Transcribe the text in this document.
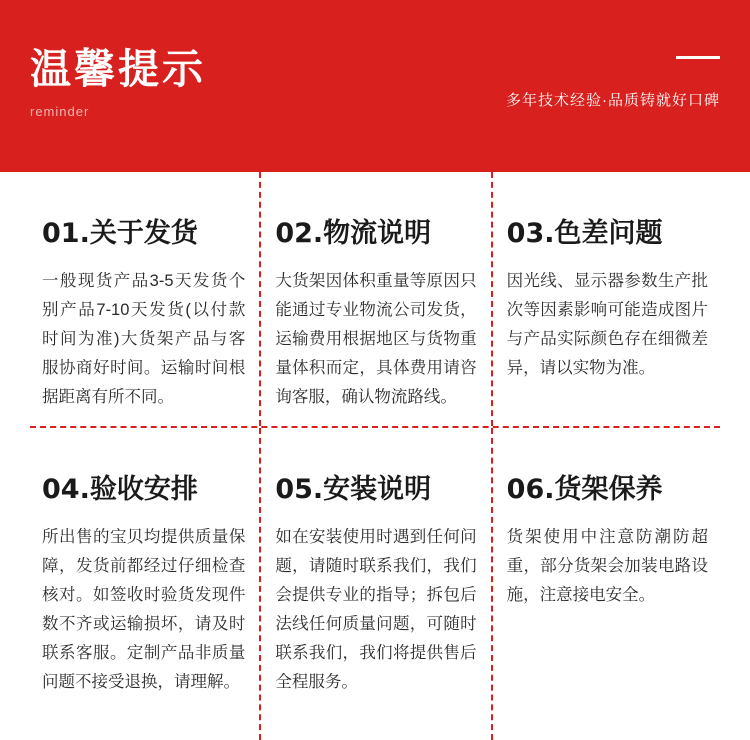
温馨提示
reminder
多年技术经验·品质铸就好口碑
01.关于发货
一般现货产品3-5天发货个别产品7-10天发货(以付款时间为准)大货架产品与客服协商好时间。运输时间根据距离有所不同。
02.物流说明
大货架因体积重量等原因只能通过专业物流公司发货，运输费用根据地区与货物重量体积而定，具体费用请咨询客服，确认物流路线。
03.色差问题
因光线、显示器参数生产批次等因素影响可能造成图片与产品实际颜色存在细微差异，请以实物为准。
04.验收安排
所出售的宝贝均提供质量保障，发货前都经过仔细检查核对。如签收时验货发现件数不齐或运输损坏，请及时联系客服。定制产品非质量问题不接受退换，请理解。
05.安装说明
如在安装使用时遇到任何问题，请随时联系我们，我们会提供专业的指导；拆包后法线任何质量问题，可随时联系我们，我们将提供售后全程服务。
06.货架保养
货架使用中注意防潮防超重，部分货架会加装电路设施，注意接电安全。
